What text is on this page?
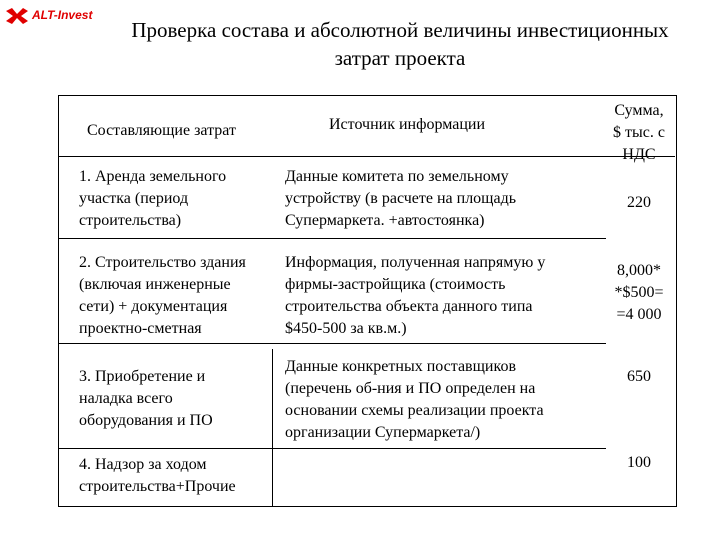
ALT-Invest
Проверка состава и абсолютной величины инвестиционных
затрат проекта
Составляющие затрат	Источник информации
Сумма,
$ тыс. с
НДС
1. Аренда земельного
участка (период
строительства)
Данные комитета по земельному
устройству (в расчете на площадь
Супермаркета. +автостоянка)
220
2. Строительство здания
(включая инженерные
сети) + документация
проектно-сметная
Информация, полученная напрямую у
фирмы-застройщика (стоимость
строительства объекта данного типа
$450-500 за кв.м.)
8,000*
*$500=
=4 000
3. Приобретение и
наладка всего
оборудования и ПО
Данные конкретных поставщиков
(перечень об-ния и ПО определен на
основании схемы реализации проекта
организации Супермаркета/)
650
4. Надзор за ходом
строительства+Прочие
100
